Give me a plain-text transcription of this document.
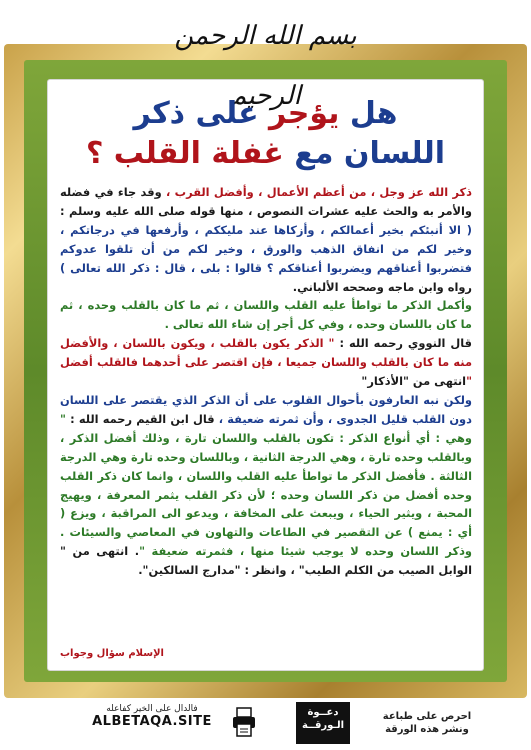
بسم الله الرحمن الرحيم	هل يؤجر على ذكر
اللسان مع غفلة القلب ؟

ذكر الله عز وجل ، من أعظم الأعمال ، وأفضل القرب ، وقد جاء في فضله والأمر به والحث عليه عشرات النصوص ، منها قوله صلى الله عليه وسلم : ( الا أنبئكم بخير أعمالكم ، وأزكاها عند مليككم ، وأرفعها في درجاتكم ، وخير لكم من انفاق الذهب والورق ، وخير لكم من أن تلقوا عدوكم فتضربوا أعناقهم ويضربوا أعناقكم ؟ قالوا : بلى ، قال : ذكر الله تعالى ) رواه وابن ماجه وصححه الألباني.

وأكمل الذكر ما تواطأ عليه القلب واللسان ، ثم ما كان بالقلب وحده ، ثم ما كان باللسان وحده ، وفي كل أجر إن شاء الله تعالى .

قال النووي رحمه الله : " الذكر يكون بالقلب ، ويكون باللسان ، والأفضل منه ما كان بالقلب واللسان جميعا ، فإن اقتصر على أحدهما فالقلب أفضل "انتهى من "الأذكار"

ولكن نبه العارفون بأحوال القلوب على أن الذكر الذي يقتصر على اللسان دون القلب قليل الجدوى ، وأن ثمرته ضعيفة ، قال ابن القيم رحمه الله : " وهي : أي أنواع الذكر : تكون بالقلب واللسان تارة ، وذلك أفضل الذكر ، وبالقلب وحده تارة ، وهي الدرجة الثانية ، وباللسان وحده تارة وهي الدرجة الثالثة . فأفضل الذكر ما تواطأ عليه القلب واللسان ، وانما كان ذكر القلب وحده أفضل من ذكر اللسان وحده ؛ لأن ذكر القلب يثمر المعرفة ، ويهيج المحبة ، ويثير الحياء ، ويبعث على المخافة ، ويدعو الى المراقبة ، ويزع ( أي : يمنع ) عن التقصير في الطاعات والتهاون في المعاصي والسيئات . وذكر اللسان وحده لا يوجب شيئا منها ، فثمرته ضعيفة ". انتهى من " الوابل الصيب من الكلم الطيب" ، وانظر : "مدارج السالكين".

الإسلام سؤال وجواب
فالدال على الخير كفاعله
ALBETAQA.SITE
دعــوة
الـورقــة
احرص على طباعة
ونشر هذه الورقة
